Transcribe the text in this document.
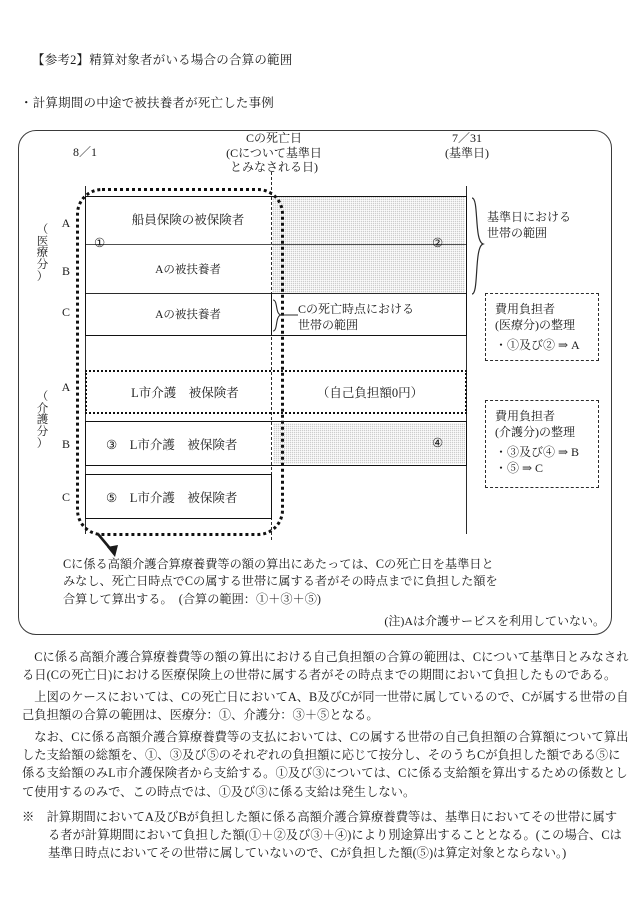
【参考2】精算対象者がいる場合の合算の範囲
・計算期間の中途で被扶養者が死亡した事例
8／1
Cの死亡日
(Cについて基準日
とみなされる日)
7／31
(基準日)
（
医
療
分
）
（
介
護
分
）
A
B
C
A
B
C
船員保険の被保険者
①
Aの被扶養者
Aの被扶養者
②
L市介護　被保険者	（自己負担額0円）
③　L市介護　被保険者	④
⑤　L市介護　被保険者
Cの死亡時点における
世帯の範囲
基準日における
世帯の範囲
費用負担者
(医療分)の整理
・①及び② ⇒ A
費用負担者
(介護分)の整理
・③及び④ ⇒ B
・⑤ ⇒ C
Cに係る高額介護合算療養費等の額の算出にあたっては、Cの死亡日を基準日と
みなし、死亡日時点でCの属する世帯に属する者がその時点までに負担した額を
合算して算出する。　(合算の範囲：①＋③＋⑤)
(注)Aは介護サービスを利用していない。
　Cに係る高額介護合算療養費等の額の算出における自己負担額の合算の範囲は、Cについて基準日とみなされ
る日(Cの死亡日)における医療保険上の世帯に属する者がその時点までの期間において負担したものである。
　上図のケースにおいては、Cの死亡日においてA、B及びCが同一世帯に属しているので、Cが属する世帯の自
己負担額の合算の範囲は、医療分：①、介護分：③＋⑤となる。
　なお、Cに係る高額介護合算療養費等の支払においては、Cの属する世帯の自己負担額の合算額について算出
した支給額の総額を、①、③及び⑤のそれぞれの負担額に応じて按分し、そのうちCが負担した額である⑤に
係る支給額のみL市介護保険者から支給する。①及び③については、Cに係る支給額を算出するための係数とし
て使用するのみで、この時点では、①及び③に係る支給は発生しない。
※　計算期間においてA及びBが負担した額に係る高額介護合算療養費等は、基準日においてその世帯に属す
る者が計算期間において負担した額(①＋②及び③＋④)により別途算出することとなる。(この場合、Cは
基準日時点においてその世帯に属していないので、Cが負担した額(⑤)は算定対象とならない。)
